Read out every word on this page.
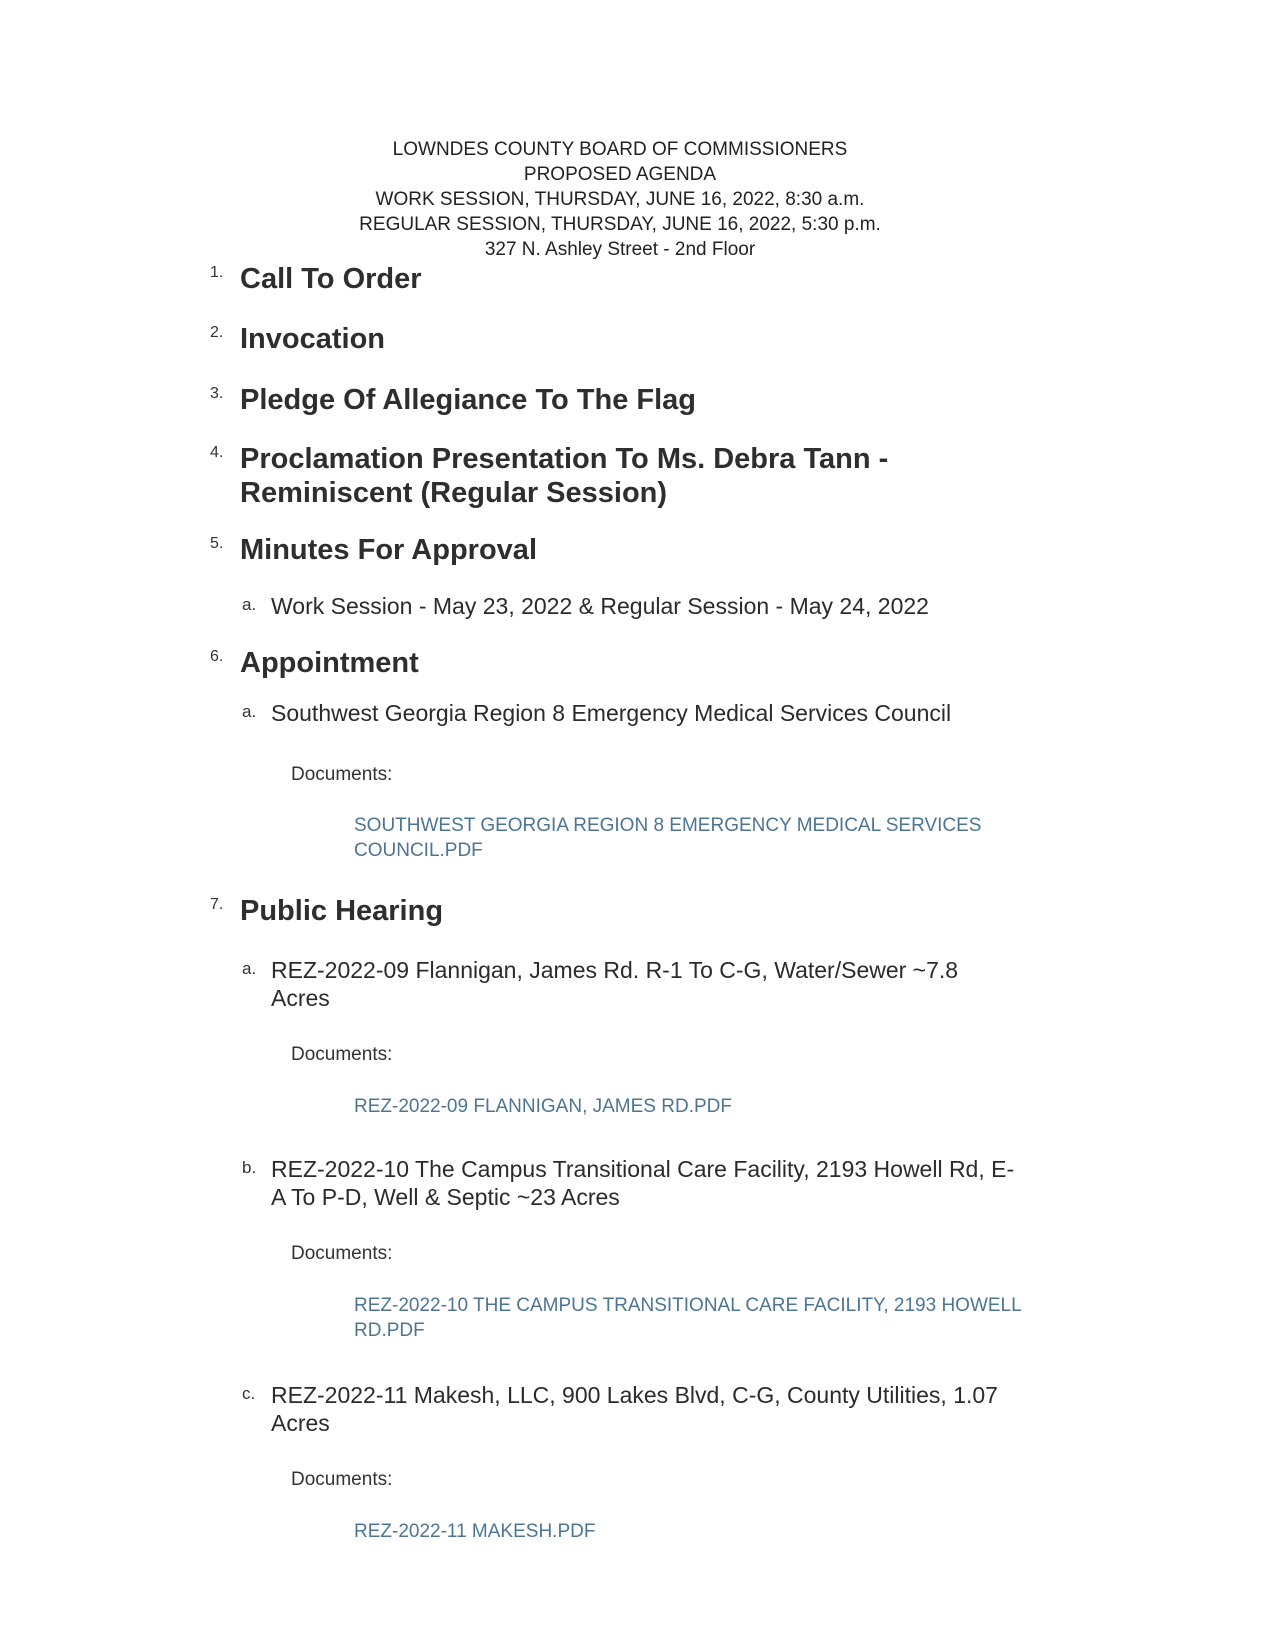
LOWNDES COUNTY BOARD OF COMMISSIONERS
PROPOSED AGENDA
WORK SESSION, THURSDAY, JUNE 16, 2022, 8:30 a.m.
REGULAR SESSION, THURSDAY, JUNE 16, 2022, 5:30 p.m.
327 N. Ashley Street - 2nd Floor
1. Call To Order
2. Invocation
3. Pledge Of Allegiance To The Flag
4. Proclamation Presentation To Ms. Debra Tann -
Reminiscent (Regular Session)
5. Minutes For Approval
a. Work Session - May 23, 2022 & Regular Session - May 24, 2022
6. Appointment
a. Southwest Georgia Region 8 Emergency Medical Services Council
Documents:
SOUTHWEST GEORGIA REGION 8 EMERGENCY MEDICAL SERVICES
COUNCIL.PDF
7. Public Hearing
a. REZ-2022-09 Flannigan, James Rd. R-1 To C-G, Water/Sewer ~7.8
Acres
Documents:
REZ-2022-09 FLANNIGAN, JAMES RD.PDF
b. REZ-2022-10 The Campus Transitional Care Facility, 2193 Howell Rd, E-
A To P-D, Well & Septic ~23 Acres
Documents:
REZ-2022-10 THE CAMPUS TRANSITIONAL CARE FACILITY, 2193 HOWELL
RD.PDF
c. REZ-2022-11 Makesh, LLC, 900 Lakes Blvd, C-G, County Utilities, 1.07
Acres
Documents:
REZ-2022-11 MAKESH.PDF
